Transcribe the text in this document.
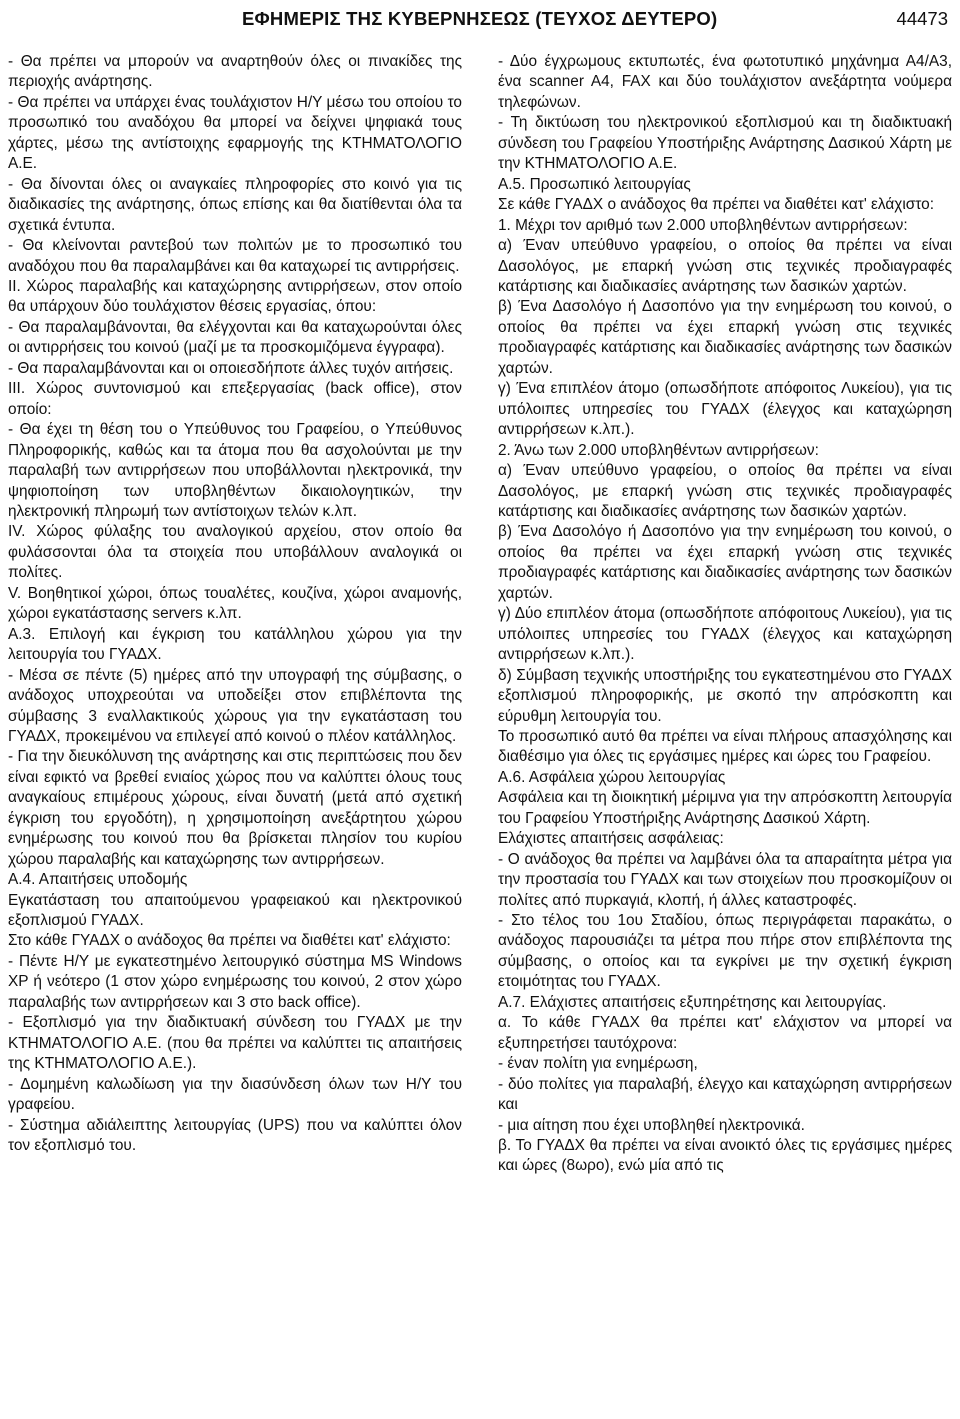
ΕΦΗΜΕΡΙΣ ΤΗΣ ΚΥΒΕΡΝΗΣΕΩΣ (ΤΕΥΧΟΣ ΔΕΥΤΕΡΟ)	44473

- Θα πρέπει να μπορούν να αναρτηθούν όλες οι πινακίδες της περιοχής ανάρτησης.

- Θα πρέπει να υπάρχει ένας τουλάχιστον Η/Υ μέσω του οποίου το προσωπικό του αναδόχου θα μπορεί να δείχνει ψηφιακά τους χάρτες, μέσω της αντίστοιχης εφαρμογής της ΚΤΗΜΑΤΟΛΟΓΙΟ Α.Ε.

- Θα δίνονται όλες οι αναγκαίες πληροφορίες στο κοινό για τις διαδικασίες της ανάρτησης, όπως επίσης και θα διατίθενται όλα τα σχετικά έντυπα.

- Θα κλείνονται ραντεβού των πολιτών με το προσωπικό του αναδόχου που θα παραλαμβάνει και θα καταχωρεί τις αντιρρήσεις.

ΙΙ. Χώρος παραλαβής και καταχώρησης αντιρρήσεων, στον οποίο θα υπάρχουν δύο τουλάχιστον θέσεις εργασίας, όπου:

- Θα παραλαμβάνονται, θα ελέγχονται και θα καταχωρούνται όλες οι αντιρρήσεις του κοινού (μαζί με τα προσκομιζόμενα έγγραφα).

- Θα παραλαμβάνονται και οι οποιεσδήποτε άλλες τυχόν αιτήσεις.

ΙΙΙ. Χώρος συντονισμού και επεξεργασίας (back office), στον οποίο:

- Θα έχει τη θέση του ο Υπεύθυνος του Γραφείου, ο Υπεύθυνος Πληροφορικής, καθώς και τα άτομα που θα ασχολούνται με την παραλαβή των αντιρρήσεων που υποβάλλονται ηλεκτρονικά, την ψηφιοποίηση των υποβληθέντων δικαιολογητικών, την ηλεκτρονική πληρωμή των αντίστοιχων τελών κ.λπ.

IV. Χώρος φύλαξης του αναλογικού αρχείου, στον οποίο θα φυλάσσονται όλα τα στοιχεία που υποβάλλουν αναλογικά οι πολίτες.

V. Βοηθητικοί χώροι, όπως τουαλέτες, κουζίνα, χώροι αναμονής, χώροι εγκατάστασης servers κ.λπ.

Α.3. Επιλογή και έγκριση του κατάλληλου χώρου για την λειτουργία του ΓΥΑΔΧ.

- Μέσα σε πέντε (5) ημέρες από την υπογραφή της σύμβασης, ο ανάδοχος υποχρεούται να υποδείξει στον επιβλέποντα της σύμβασης 3 εναλλακτικούς χώρους για την εγκατάσταση του ΓΥΑΔΧ, προκειμένου να επιλεγεί από κοινού ο πλέον κατάλληλος.

- Για την διευκόλυνση της ανάρτησης και στις περιπτώσεις που δεν είναι εφικτό να βρεθεί ενιαίος χώρος που να καλύπτει όλους τους αναγκαίους επιμέρους χώρους, είναι δυνατή (μετά από σχετική έγκριση του εργοδότη), η χρησιμοποίηση ανεξάρτητου χώρου ενημέρωσης του κοινού που θα βρίσκεται πλησίον του κυρίου χώρου παραλαβής και καταχώρησης των αντιρρήσεων.

Α.4. Απαιτήσεις υποδομής

Εγκατάσταση του απαιτούμενου γραφειακού και ηλεκτρονικού εξοπλισμού ΓΥΑΔΧ.

Στο κάθε ΓΥΑΔΧ ο ανάδοχος θα πρέπει να διαθέτει κατ' ελάχιστο:

- Πέντε Η/Υ με εγκατεστημένο λειτουργικό σύστημα MS Windows XP ή νεότερο (1 στον χώρο ενημέρωσης του κοινού, 2 στον χώρο παραλαβής των αντιρρήσεων και 3 στο back office).

- Εξοπλισμό για την διαδικτυακή σύνδεση του ΓΥΑΔΧ με την ΚΤΗΜΑΤΟΛΟΓΙΟ Α.Ε. (που θα πρέπει να καλύπτει τις απαιτήσεις της ΚΤΗΜΑΤΟΛΟΓΙΟ Α.Ε.).

- Δομημένη καλωδίωση για την διασύνδεση όλων των Η/Υ του γραφείου.

- Σύστημα αδιάλειπτης λειτουργίας (UPS) που να καλύπτει όλον τον εξοπλισμό του.

- Δύο έγχρωμους εκτυπωτές, ένα φωτοτυπικό μηχάνημα Α4/Α3, ένα scanner A4, FAX και δύο τουλάχιστον ανεξάρτητα νούμερα τηλεφώνων.

- Τη δικτύωση του ηλεκτρονικού εξοπλισμού και τη διαδικτυακή σύνδεση του Γραφείου Υποστήριξης Ανάρτησης Δασικού Χάρτη με την ΚΤΗΜΑΤΟΛΟΓΙΟ Α.Ε.

Α.5. Προσωπικό λειτουργίας

Σε κάθε ΓΥΑΔΧ ο ανάδοχος θα πρέπει να διαθέτει κατ' ελάχιστο:

1. Μέχρι τον αριθμό των 2.000 υποβληθέντων αντιρρήσεων:

α) Έναν υπεύθυνο γραφείου, ο οποίος θα πρέπει να είναι Δασολόγος, με επαρκή γνώση στις τεχνικές προδιαγραφές κατάρτισης και διαδικασίες ανάρτησης των δασικών χαρτών.

β) Ένα Δασολόγο ή Δασοπόνο για την ενημέρωση του κοινού, ο οποίος θα πρέπει να έχει επαρκή γνώση στις τεχνικές προδιαγραφές κατάρτισης και διαδικασίες ανάρτησης των δασικών χαρτών.

γ) Ένα επιπλέον άτομο (οπωσδήποτε απόφοιτος Λυκείου), για τις υπόλοιπες υπηρεσίες του ΓΥΑΔΧ (έλεγχος και καταχώρηση αντιρρήσεων κ.λπ.).

2. Άνω των 2.000 υποβληθέντων αντιρρήσεων:

α) Έναν υπεύθυνο γραφείου, ο οποίος θα πρέπει να είναι Δασολόγος, με επαρκή γνώση στις τεχνικές προδιαγραφές κατάρτισης και διαδικασίες ανάρτησης των δασικών χαρτών.

β) Ένα Δασολόγο ή Δασοπόνο για την ενημέρωση του κοινού, ο οποίος θα πρέπει να έχει επαρκή γνώση στις τεχνικές προδιαγραφές κατάρτισης και διαδικασίες ανάρτησης των δασικών χαρτών.

γ) Δύο επιπλέον άτομα (οπωσδήποτε απόφοιτους Λυκείου), για τις υπόλοιπες υπηρεσίες του ΓΥΑΔΧ (έλεγχος και καταχώρηση αντιρρήσεων κ.λπ.).

δ) Σύμβαση τεχνικής υποστήριξης του εγκατεστημένου στο ΓΥΑΔΧ εξοπλισμού πληροφορικής, με σκοπό την απρόσκοπτη και εύρυθμη λειτουργία του.

Το προσωπικό αυτό θα πρέπει να είναι πλήρους απασχόλησης και διαθέσιμο για όλες τις εργάσιμες ημέρες και ώρες του Γραφείου.

Α.6. Ασφάλεια χώρου λειτουργίας

Ασφάλεια και τη διοικητική μέριμνα για την απρόσκοπτη λειτουργία του Γραφείου Υποστήριξης Ανάρτησης Δασικού Χάρτη.

Ελάχιστες απαιτήσεις ασφάλειας:

- Ο ανάδοχος θα πρέπει να λαμβάνει όλα τα απαραίτητα μέτρα για την προστασία του ΓΥΑΔΧ και των στοιχείων που προσκομίζουν οι πολίτες από πυρκαγιά, κλοπή, ή άλλες καταστροφές.

- Στο τέλος του 1ου Σταδίου, όπως περιγράφεται παρακάτω, ο ανάδοχος παρουσιάζει τα μέτρα που πήρε στον επιβλέποντα της σύμβασης, ο οποίος και τα εγκρίνει με την σχετική έγκριση ετοιμότητας του ΓΥΑΔΧ.

Α.7. Ελάχιστες απαιτήσεις εξυπηρέτησης και λειτουργίας.

α. Το κάθε ΓΥΑΔΧ θα πρέπει κατ' ελάχιστον να μπορεί να εξυπηρετήσει ταυτόχρονα:

- έναν πολίτη για ενημέρωση,

- δύο πολίτες για παραλαβή, έλεγχο και καταχώρηση αντιρρήσεων και

- μια αίτηση που έχει υποβληθεί ηλεκτρονικά.

β. Το ΓΥΑΔΧ θα πρέπει να είναι ανοικτό όλες τις εργάσιμες ημέρες και ώρες (8ωρο), ενώ μία από τις
